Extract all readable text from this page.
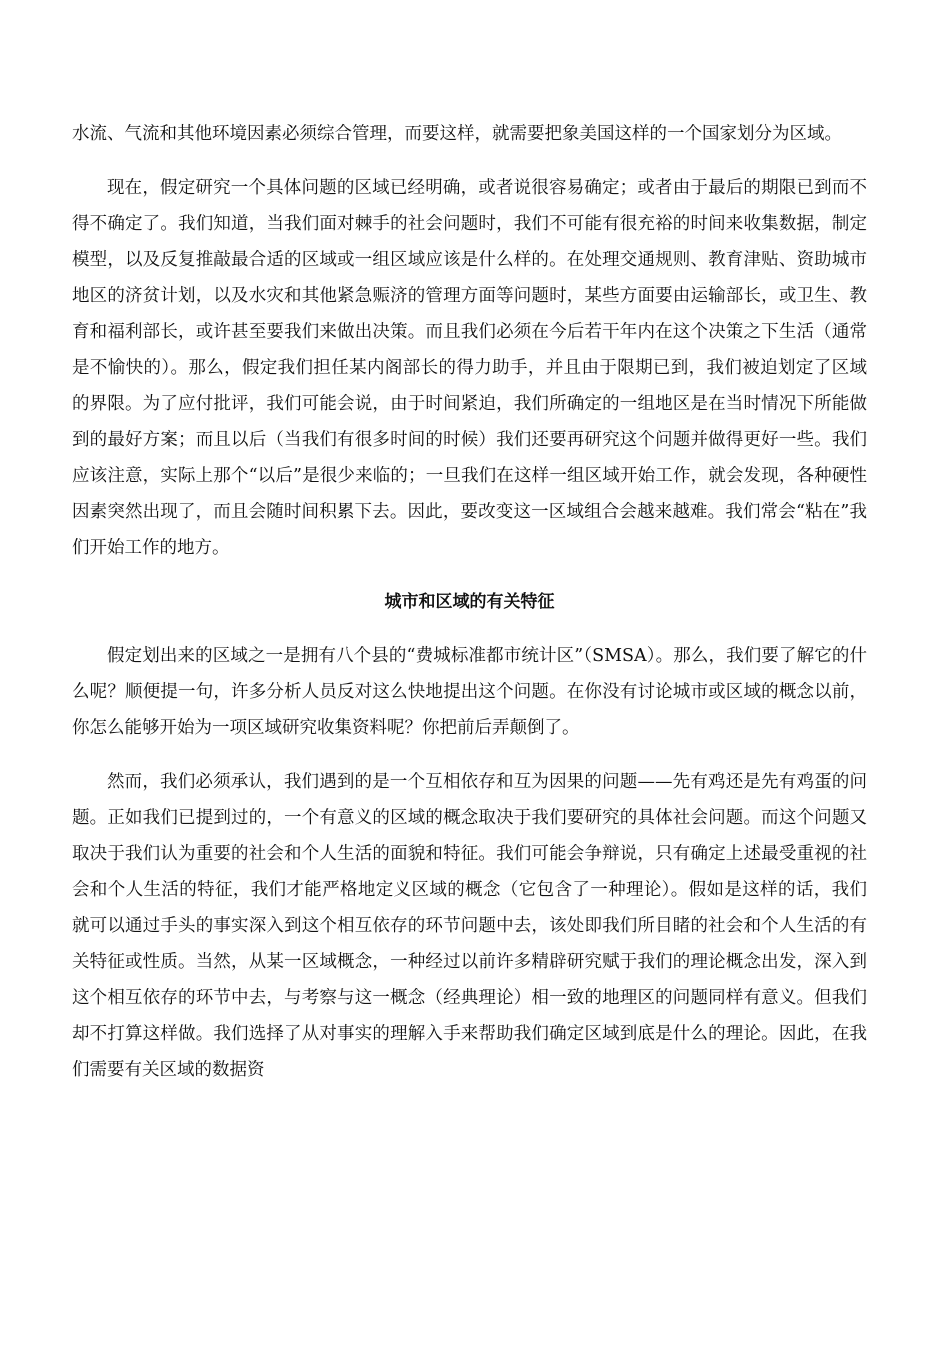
水流、气流和其他环境因素必须综合管理，而要这样，就需要把象美国这样的一个国家划分为区域。

现在，假定研究一个具体问题的区域已经明确，或者说很容易确定；或者由于最后的期限已到而不得不确定了。我们知道，当我们面对棘手的社会问题时，我们不可能有很充裕的时间来收集数据，制定模型，以及反复推敲最合适的区域或一组区域应该是什么样的。在处理交通规则、教育津贴、资助城市地区的济贫计划，以及水灾和其他紧急赈济的管理方面等问题时，某些方面要由运输部长，或卫生、教育和福利部长，或许甚至要我们来做出决策。而且我们必须在今后若干年内在这个决策之下生活（通常是不愉快的）。那么，假定我们担任某内阁部长的得力助手，并且由于限期已到，我们被迫划定了区域的界限。为了应付批评，我们可能会说，由于时间紧迫，我们所确定的一组地区是在当时情况下所能做到的最好方案；而且以后（当我们有很多时间的时候）我们还要再研究这个问题并做得更好一些。我们应该注意，实际上那个“以后”是很少来临的；一旦我们在这样一组区域开始工作，就会发现，各种硬性因素突然出现了，而且会随时间积累下去。因此，要改变这一区域组合会越来越难。我们常会“粘在”我们开始工作的地方。

城市和区域的有关特征

假定划出来的区域之一是拥有八个县的“费城标准都市统计区”（SMSA）。那么，我们要了解它的什么呢？顺便提一句，许多分析人员反对这么快地提出这个问题。在你没有讨论城市或区域的概念以前，你怎么能够开始为一项区域研究收集资料呢？你把前后弄颠倒了。

然而，我们必须承认，我们遇到的是一个互相依存和互为因果的问题——先有鸡还是先有鸡蛋的问题。正如我们已提到过的，一个有意义的区域的概念取决于我们要研究的具体社会问题。而这个问题又取决于我们认为重要的社会和个人生活的面貌和特征。我们可能会争辩说，只有确定上述最受重视的社会和个人生活的特征，我们才能严格地定义区域的概念（它包含了一种理论）。假如是这样的话，我们就可以通过手头的事实深入到这个相互依存的环节问题中去，该处即我们所目睹的社会和个人生活的有关特征或性质。当然，从某一区域概念，一种经过以前许多精辟研究赋于我们的理论概念出发，深入到这个相互依存的环节中去，与考察与这一概念（经典理论）相一致的地理区的问题同样有意义。但我们却不打算这样做。我们选择了从对事实的理解入手来帮助我们确定区域到底是什么的理论。因此，在我们需要有关区域的数据资
